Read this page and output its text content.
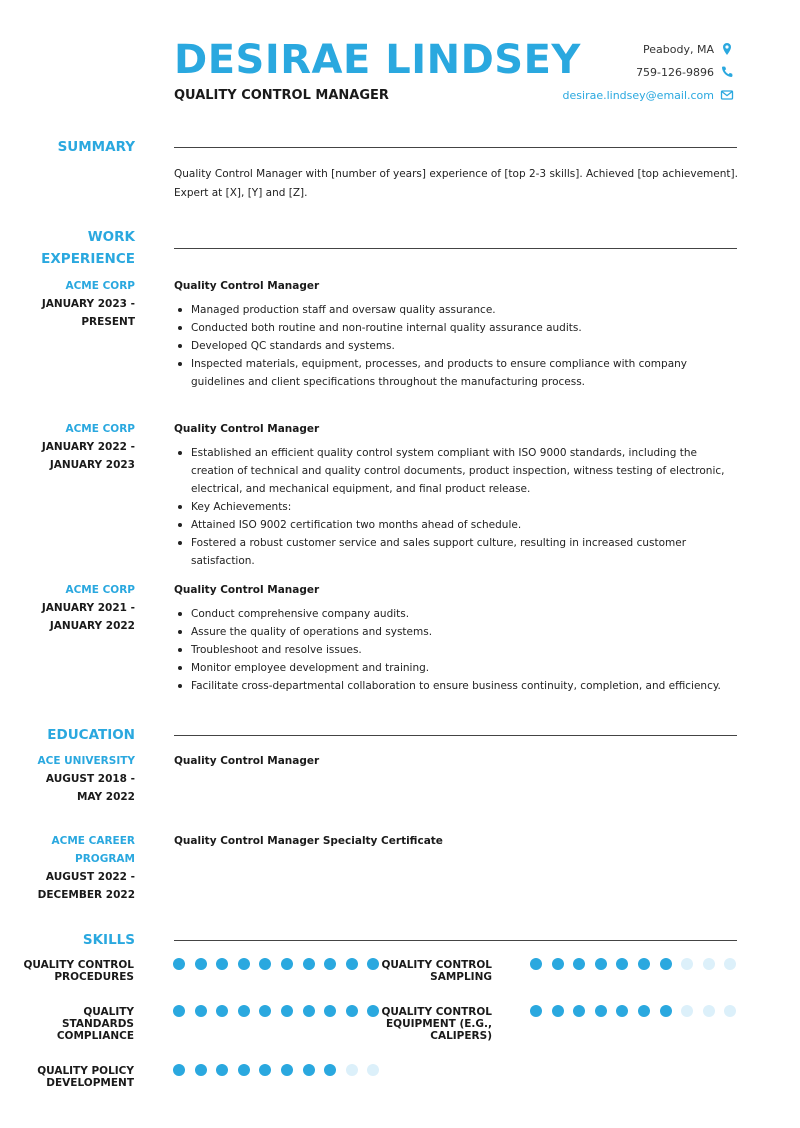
DESIRAE LINDSEY
QUALITY CONTROL MANAGER
Peabody, MA
759-126-9896
desirae.lindsey@email.com
SUMMARY
Quality Control Manager with [number of years] experience of [top 2-3 skills]. Achieved [top achievement]. Expert at [X], [Y] and [Z].
WORK
EXPERIENCE
ACME CORP
JANUARY 2023 -
PRESENT
Quality Control Manager
Managed production staff and oversaw quality assurance.
Conducted both routine and non-routine internal quality assurance audits.
Developed QC standards and systems.
Inspected materials, equipment, processes, and products to ensure compliance with company guidelines and client specifications throughout the manufacturing process.
ACME CORP
JANUARY 2022 -
JANUARY 2023
Quality Control Manager
Established an efficient quality control system compliant with ISO 9000 standards, including the creation of technical and quality control documents, product inspection, witness testing of electronic, electrical, and mechanical equipment, and final product release.
Key Achievements:
Attained ISO 9002 certification two months ahead of schedule.
Fostered a robust customer service and sales support culture, resulting in increased customer satisfaction.
ACME CORP
JANUARY 2021 -
JANUARY 2022
Quality Control Manager
Conduct comprehensive company audits.
Assure the quality of operations and systems.
Troubleshoot and resolve issues.
Monitor employee development and training.
Facilitate cross-departmental collaboration to ensure business continuity, completion, and efficiency.
EDUCATION
ACE UNIVERSITY
AUGUST 2018 -
MAY 2022
Quality Control Manager
ACME CAREER
PROGRAM
AUGUST 2022 -
DECEMBER 2022
Quality Control Manager Specialty Certificate
SKILLS
QUALITY CONTROL
PROCEDURES
QUALITY CONTROL
SAMPLING
QUALITY STANDARDS
COMPLIANCE
QUALITY CONTROL
EQUIPMENT (E.G.,
CALIPERS)
QUALITY POLICY
DEVELOPMENT
